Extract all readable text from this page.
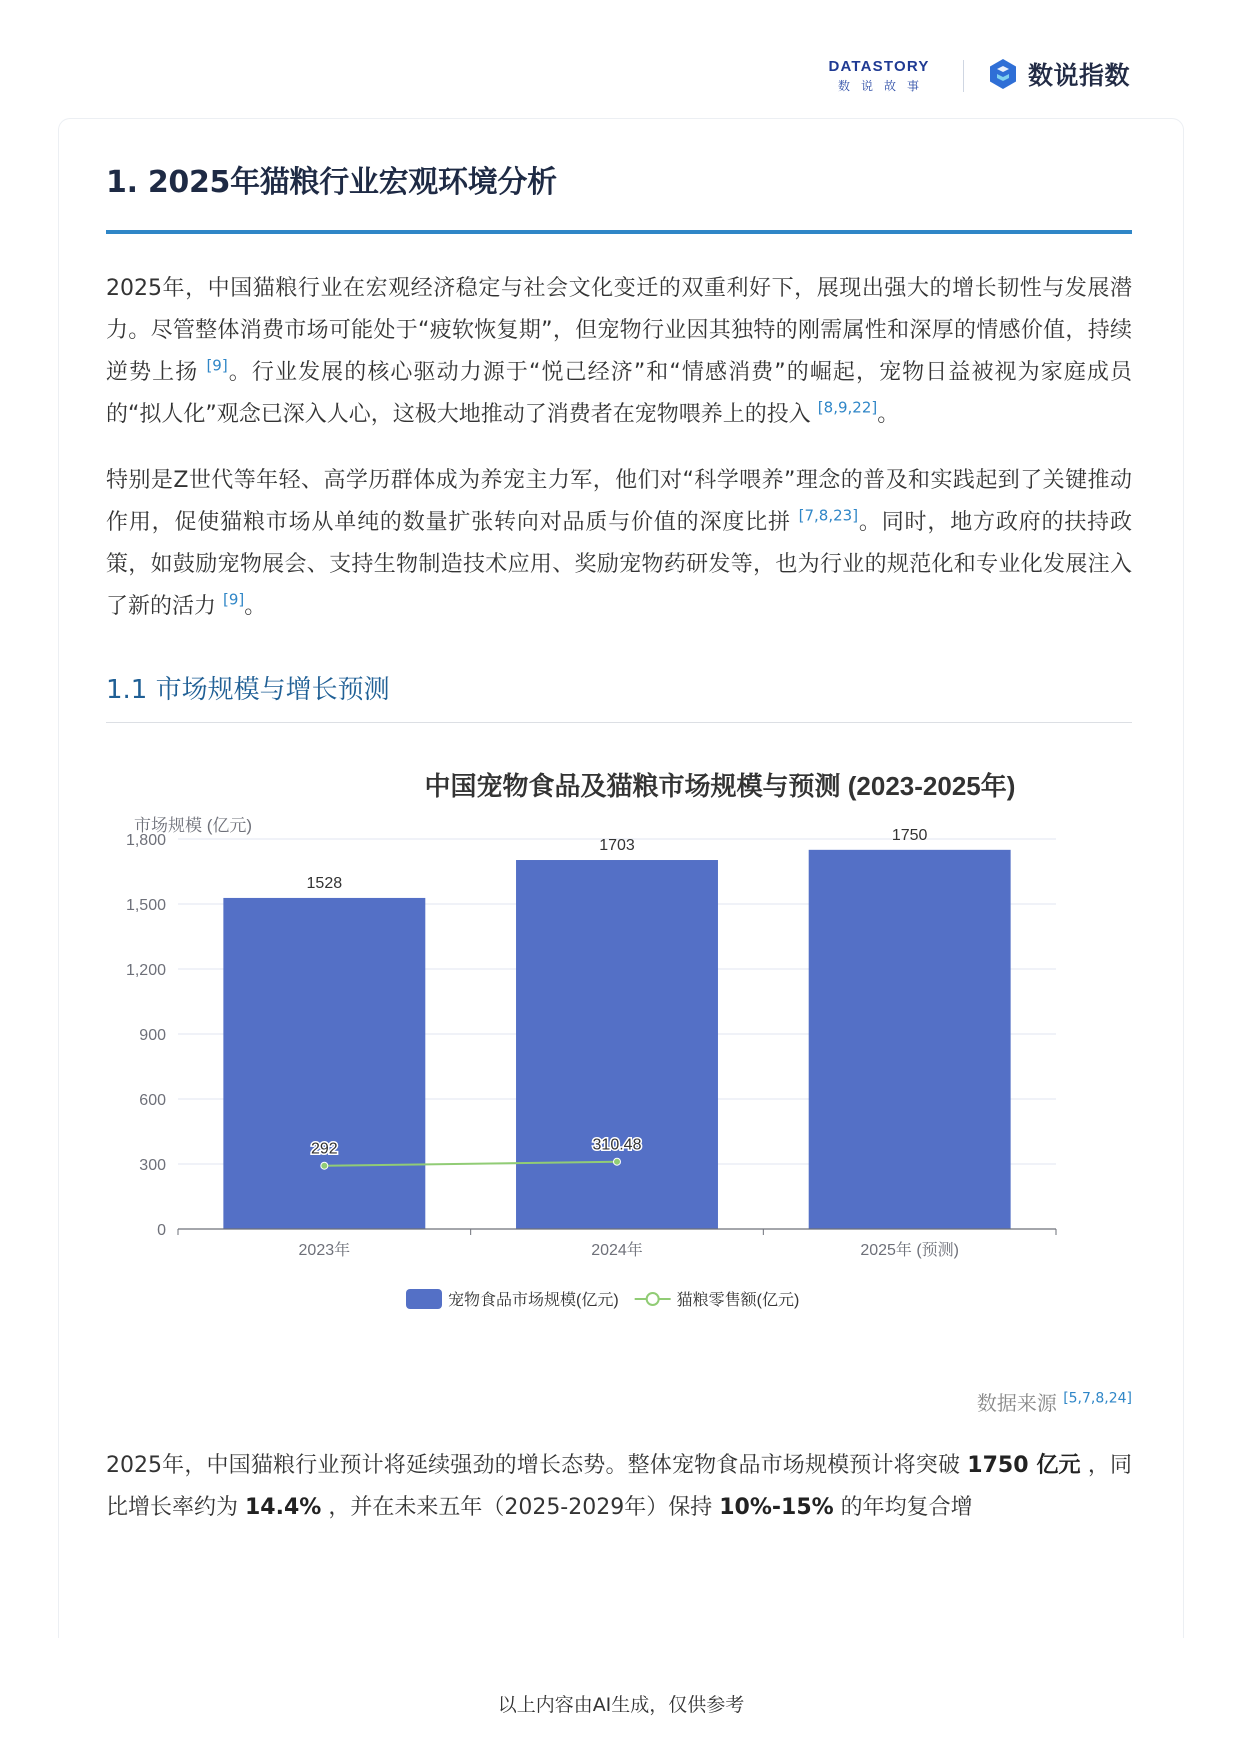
DATASTORY
数说故事	数说指数
1. 2025年猫粮行业宏观环境分析

2025年，中国猫粮行业在宏观经济稳定与社会文化变迁的双重利好下，展现出强大的增长韧性与发展潜力。尽管整体消费市场可能处于“疲软恢复期”，但宠物行业因其独特的刚需属性和深厚的情感价值，持续逆势上扬 [9]。行业发展的核心驱动力源于“悦己经济”和“情感消费”的崛起，宠物日益被视为家庭成员的“拟人化”观念已深入人心，这极大地推动了消费者在宠物喂养上的投入 [8,9,22]。

特别是Z世代等年轻、高学历群体成为养宠主力军，他们对“科学喂养”理念的普及和实践起到了关键推动作用，促使猫粮市场从单纯的数量扩张转向对品质与价值的深度比拼 [7,8,23]。同时，地方政府的扶持政策，如鼓励宠物展会、支持生物制造技术应用、奖励宠物药研发等，也为行业的规范化和专业化发展注入了新的活力 [9]。

1.1 市场规模与增长预测
中国宠物食品及猫粮市场规模与预测 (2023-2025年)
市场规模 (亿元)
0
300
600
900
1,200
1,500
1,800
2023年	2024年	2025年 (预测)
1528
1703
1750
292	310.48
宠物食品市场规模(亿元)	猫粮零售额(亿元)
数据来源 [5,7,8,24]

2025年，中国猫粮行业预计将延续强劲的增长态势。整体宠物食品市场规模预计将突破 1750 亿元 ，同比增长率约为 14.4% ，并在未来五年（2025-2029年）保持 10%-15% 的年均复合增

以上内容由AI生成，仅供参考
